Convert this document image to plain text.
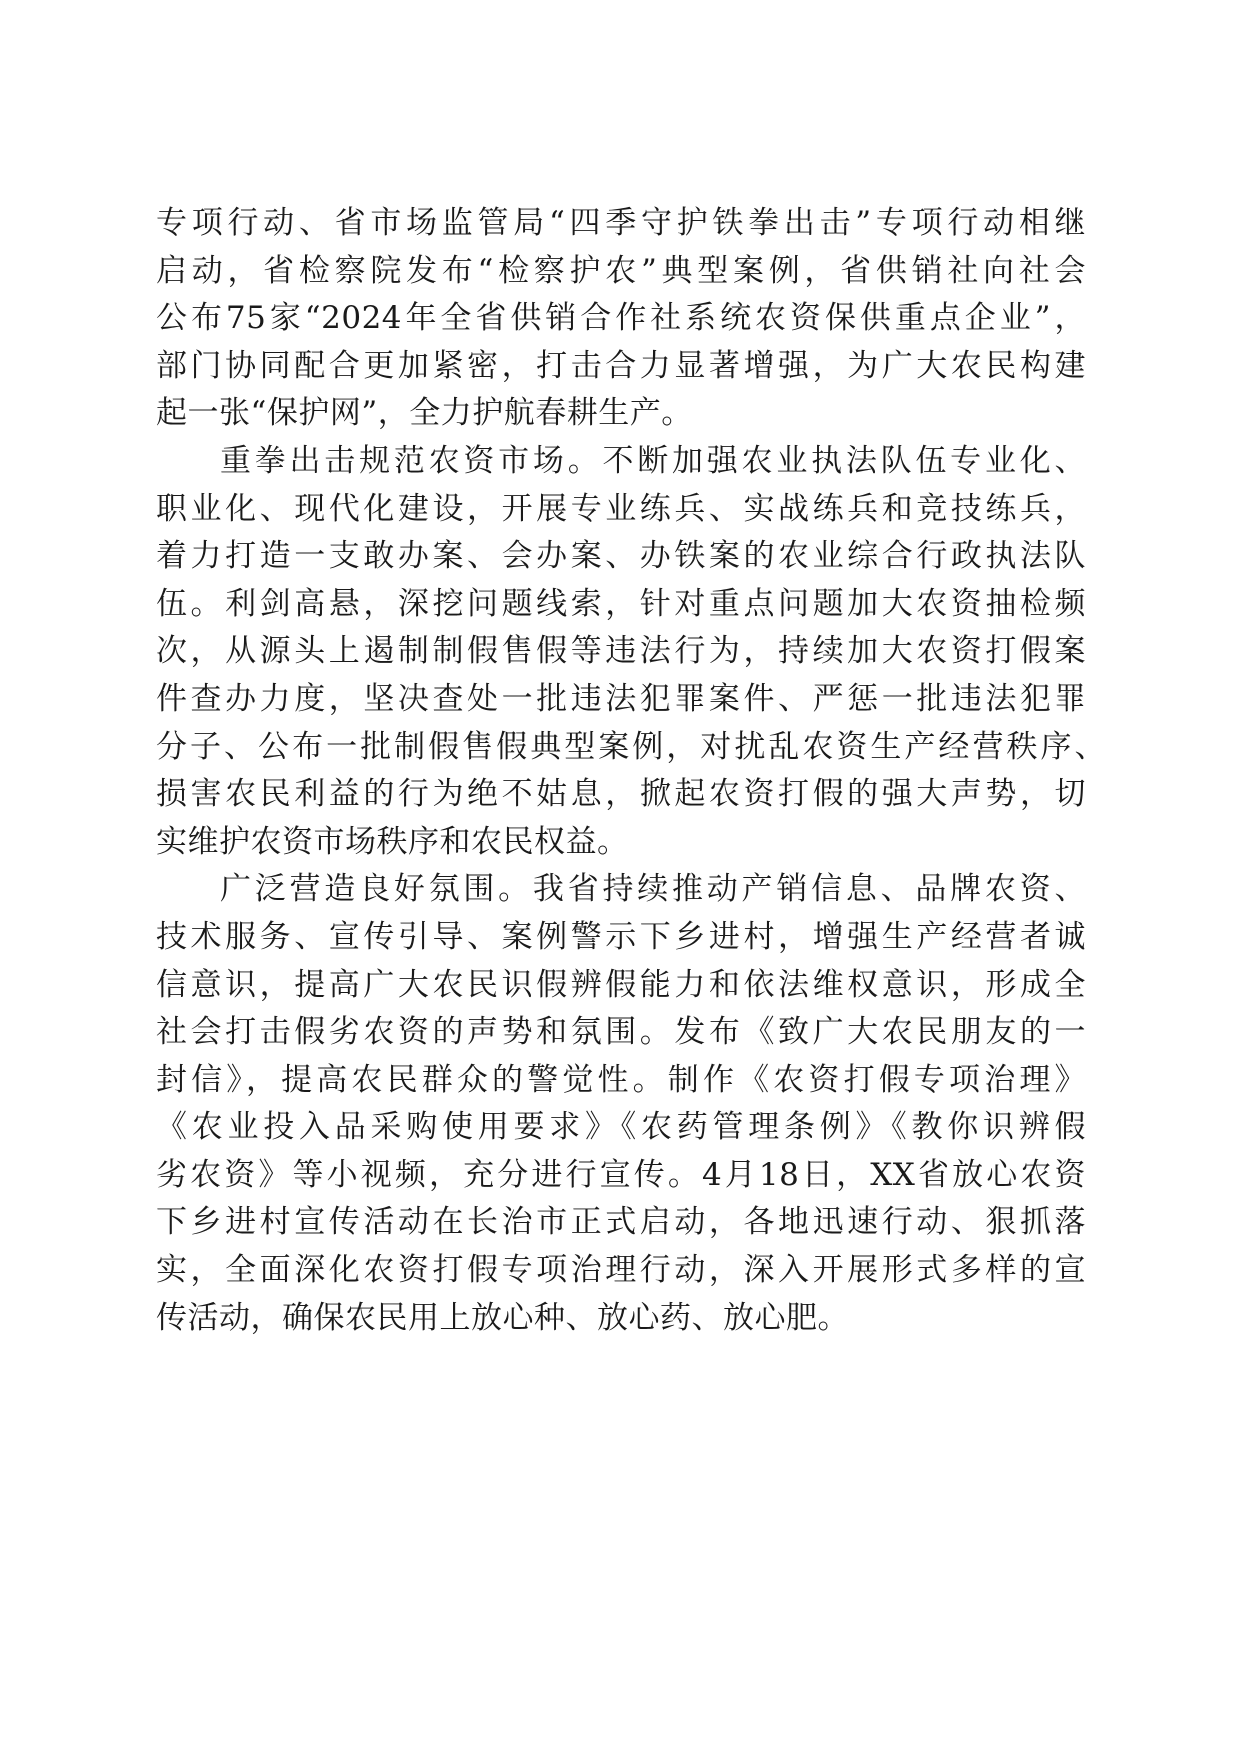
专项行动、省市场监管局“四季守护铁拳出击”专项行动相继
启动，省检察院发布“检察护农”典型案例，省供销社向社会
公布75家“2024年全省供销合作社系统农资保供重点企业”，
部门协同配合更加紧密，打击合力显著增强，为广大农民构建
起一张“保护网”，全力护航春耕生产。
重拳出击规范农资市场。不断加强农业执法队伍专业化、
职业化、现代化建设，开展专业练兵、实战练兵和竞技练兵，
着力打造一支敢办案、会办案、办铁案的农业综合行政执法队
伍。利剑高悬，深挖问题线索，针对重点问题加大农资抽检频
次，从源头上遏制制假售假等违法行为，持续加大农资打假案
件查办力度，坚决查处一批违法犯罪案件、严惩一批违法犯罪
分子、公布一批制假售假典型案例，对扰乱农资生产经营秩序、
损害农民利益的行为绝不姑息，掀起农资打假的强大声势，切
实维护农资市场秩序和农民权益。
广泛营造良好氛围。我省持续推动产销信息、品牌农资、
技术服务、宣传引导、案例警示下乡进村，增强生产经营者诚
信意识，提高广大农民识假辨假能力和依法维权意识，形成全
社会打击假劣农资的声势和氛围。发布《致广大农民朋友的一
封信》，提高农民群众的警觉性。制作《农资打假专项治理》
《农业投入品采购使用要求》《农药管理条例》《教你识辨假
劣农资》等小视频，充分进行宣传。4月18日，XX省放心农资
下乡进村宣传活动在长治市正式启动，各地迅速行动、狠抓落
实，全面深化农资打假专项治理行动，深入开展形式多样的宣
传活动，确保农民用上放心种、放心药、放心肥。
